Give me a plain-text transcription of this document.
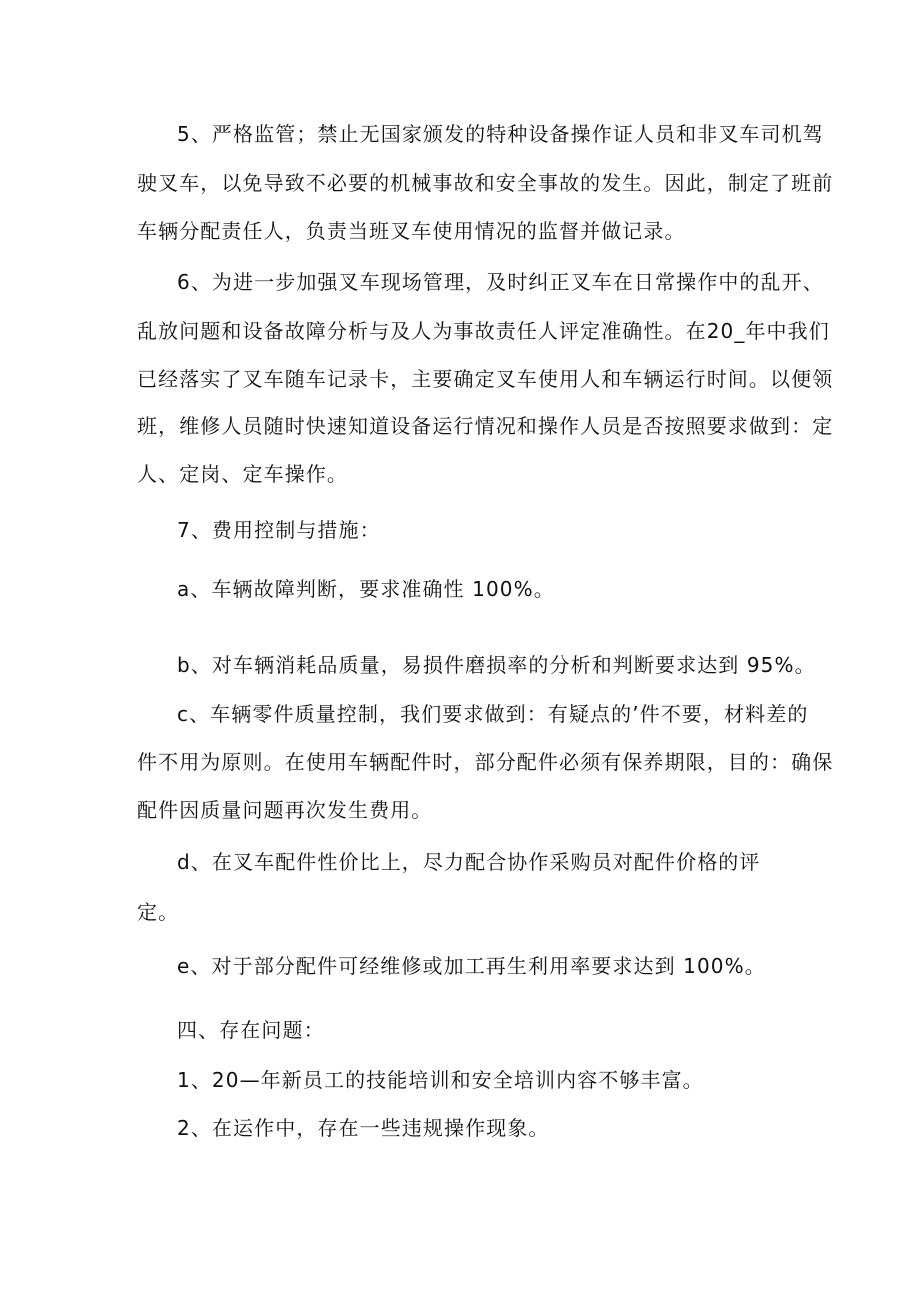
5、严格监管；禁止无国家颁发的特种设备操作证人员和非叉车司机驾
驶叉车，以免导致不必要的机械事故和安全事故的发生。因此，制定了班前
车辆分配责任人，负责当班叉车使用情况的监督并做记录。
6、为进一步加强叉车现场管理，及时纠正叉车在日常操作中的乱开、
乱放问题和设备故障分析与及人为事故责任人评定准确性。在20_年中我们
已经落实了叉车随车记录卡，主要确定叉车使用人和车辆运行时间。以便领
班，维修人员随时快速知道设备运行情况和操作人员是否按照要求做到：定
人、定岗、定车操作。
7、费用控制与措施：
a、车辆故障判断，要求准确性 100%。
b、对车辆消耗品质量，易损件磨损率的分析和判断要求达到 95%。
c、车辆零件质量控制，我们要求做到：有疑点的’件不要，材料差的
件不用为原则。在使用车辆配件时，部分配件必须有保养期限，目的：确保
配件因质量问题再次发生费用。
d、在叉车配件性价比上，尽力配合协作采购员对配件价格的评
定。
e、对于部分配件可经维修或加工再生利用率要求达到 100%。
四、存在问题：
1、20—年新员工的技能培训和安全培训内容不够丰富。
2、在运作中，存在一些违规操作现象。
